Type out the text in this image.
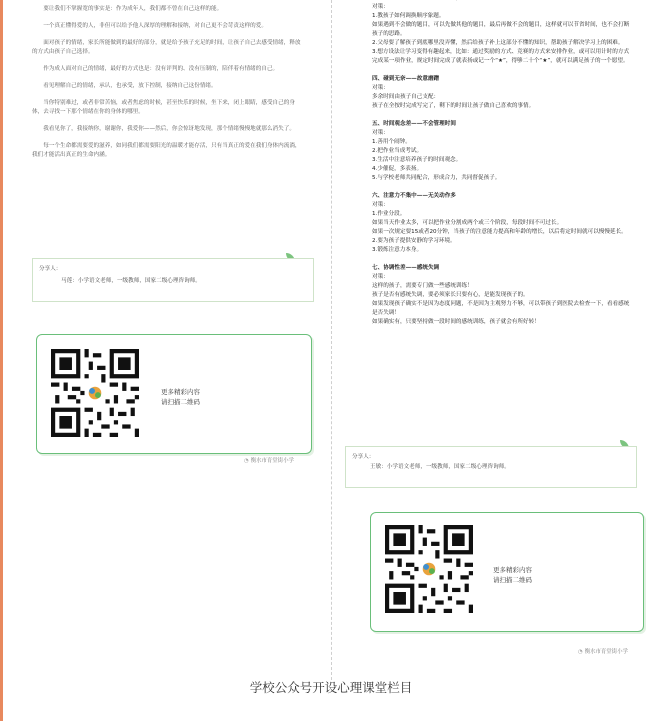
要让我们不掌握宽的事实是：作为成年人，我们都不曾在自己这样的能。

一个真正懂得爱的人，非但可以给予他人深厚的理解和接纳，对自己更不会苛责这样的爱。

面对孩子的情绪，家长所能做到的最好的部分，就是给予孩子充足的时间，让孩子自己去感受情绪，释放的方式由孩子自己选择。

作为成人面对自己的情绪，最好的方式也是：没有评判的、没有压制的，陪伴着有情绪的自己。

看见理解自己的情绪，承认，也承受，放下控制，接纳自己这份情绪。

当你特别难过，或者非常苦恼，或者焦虑的时候，甚至快乐的时候，坐下来，闭上眼睛，感受自己的身体，去寻找一下那个情绪在你的身体的哪里。

我看见你了，我接纳你，谢谢你，我爱你——然后，你会惊讶地发现，那个情绪慢慢地就那么消失了。

每一个生命都需要爱的滋养，如同我们都需要阳光的温暖才能存活，只有当真正的爱在我们身体内流淌，我们才能活出真正的生命内涵。

分享人：
马莲：小学语文老师，一级教师，国家二级心理咨询师。
更多精彩内容
请扫描二维码
◔ 衡水市育堂街小学

对策：

1.教孩子如何调换顺序象题。

如果遇到不会做的题目，可以先做其他的题目，最后再做不会的题目，这样就可以节省时间，也不会打断孩子的思路。

2.父母要了解孩子到底哪里没弄懂，然后给孩子补上这部分不懂的知识，帮助孩子解决学习上的困难。

3.想方设法让学习变得有趣起来，比如：通过奖励的方式、竞赛的方式来安排作业，或可以用计时的方式完成某一项作业，规定时间完成了就表扬或记一个“★”，得够二十个“★”，就可以满足孩子的一个愿望。

四、碰到无奈——故意磨蹭

对策：

多余时间由孩子自己支配：

孩子在全按时完成写完了，剩下的时间让孩子做自己喜欢的事情。

五、时间观念差——不会管理时间

对策：

1.善用个闹钟。

2.把作业当成考试。

3.生活中注意培养孩子的时间观念。

4.少催促，多表扬。

5.与学校老师共同配合，形成合力，共同督促孩子。

六、注意力不集中——无关动作多

对策：

1.作业分段。

如果当天作业太多，可以把作业分割成两个或三个阶段，每段时间不可过长。

如果一次规定要15或者20分钟，当孩子的注意能力提高和年龄的增长，以后将定时间就可以慢慢延长。

2.要为孩子提供安静的学习环境。

3.锻炼注意力本身。

七、协调性差——感统失调

对策：

这样的孩子，需要专门做一些感统训练！

孩子是否有感统失调，要必须家长只要有心，是能发现孩子的。

如果发现孩子确实不是因为态度问题，不是因为主观努力不够，可以带孩子到医院去检查一下，看看感统是否失调！

如果确实有，只要坚持做一段时间的感统训练，孩子就会有所好转！

分享人：
王敏：小学语文老师，一级教师，国家二级心理咨询师。
更多精彩内容
请扫描二维码
◔ 衡水市育堂街小学
学校公众号开设心理课堂栏目
